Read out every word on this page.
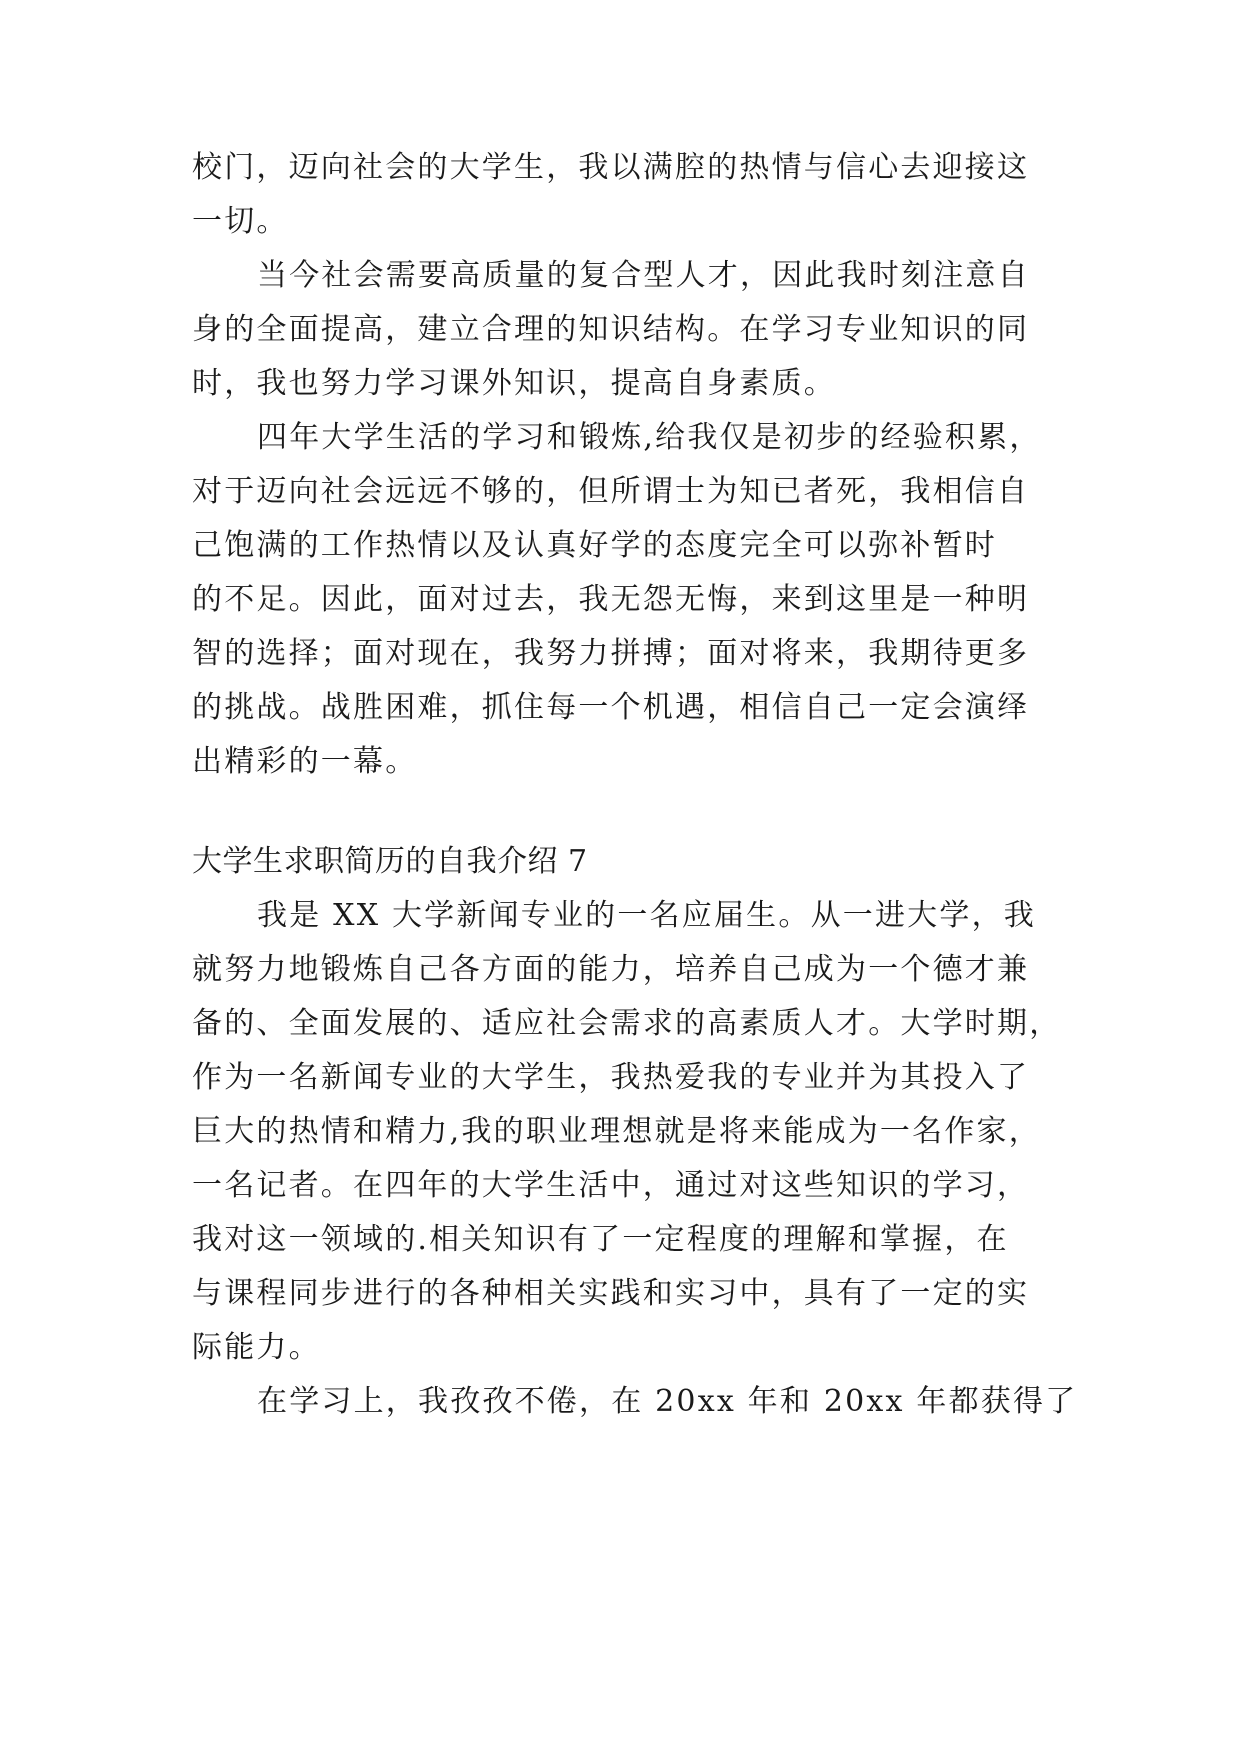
校门，迈向社会的大学生，我以满腔的热情与信心去迎接这
一切。
当今社会需要高质量的复合型人才，因此我时刻注意自
身的全面提高，建立合理的知识结构。在学习专业知识的同
时，我也努力学习课外知识，提高自身素质。
四年大学生活的学习和锻炼,给我仅是初步的经验积累，
对于迈向社会远远不够的，但所谓士为知已者死，我相信自
己饱满的工作热情以及认真好学的态度完全可以弥补暂时
的不足。因此，面对过去，我无怨无悔，来到这里是一种明
智的选择；面对现在，我努力拼搏；面对将来，我期待更多
的挑战。战胜困难，抓住每一个机遇，相信自己一定会演绎
出精彩的一幕。
大学生求职简历的自我介绍 7
我是 XX 大学新闻专业的一名应届生。从一进大学，我
就努力地锻炼自己各方面的能力，培养自己成为一个德才兼
备的、全面发展的、适应社会需求的高素质人才。大学时期，
作为一名新闻专业的大学生，我热爱我的专业并为其投入了
巨大的热情和精力,我的职业理想就是将来能成为一名作家，
一名记者。在四年的大学生活中，通过对这些知识的学习，
我对这一领域的.相关知识有了一定程度的理解和掌握，在
与课程同步进行的各种相关实践和实习中，具有了一定的实
际能力。
在学习上，我孜孜不倦，在 20xx 年和 20xx 年都获得了
